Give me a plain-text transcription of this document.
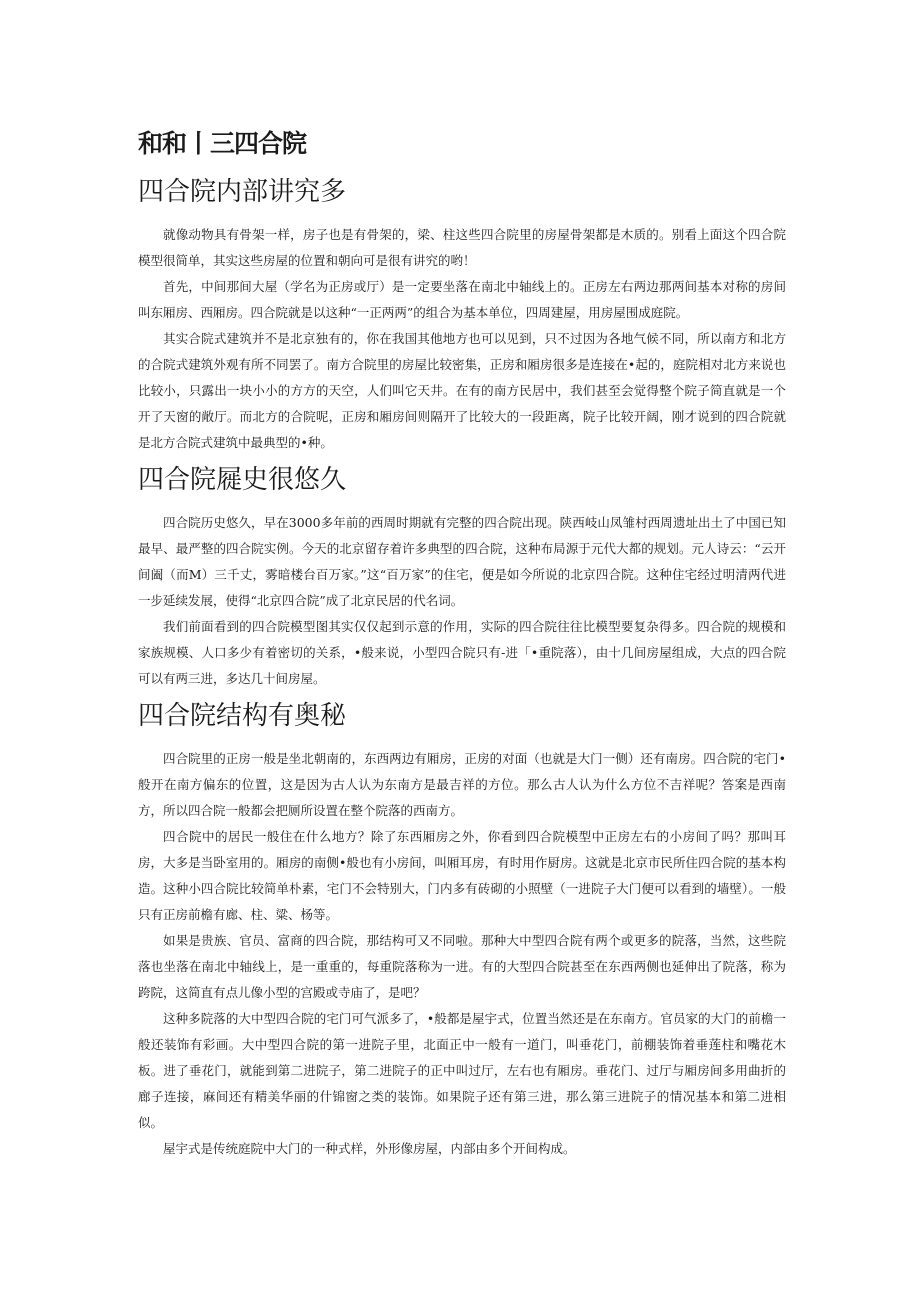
和和丨三四合院
四合院内部讲究多

就像动物具有骨架一样，房子也是有骨架的，梁、柱这些四合院里的房屋骨架都是木质的。别看上面这个四合院模型很简单，其实这些房屋的位置和朝向可是很有讲究的哟！

首先，中间那间大屋（学名为正房或厅）是一定要坐落在南北中轴线上的。正房左右两边那两间基本对称的房间叫东厢房、西厢房。四合院就是以这种“一正两两”的组合为基本单位，四周建屋，用房屋围成庭院。

其实合院式建筑并不是北京独有的，你在我国其他地方也可以见到，只不过因为各地气候不同，所以南方和北方的合院式建筑外观有所不同罢了。南方合院里的房屋比较密集，正房和厢房很多是连接在•起的，庭院相对北方来说也比较小，只露出一块小小的方方的天空，人们叫它天井。在有的南方民居中，我们甚至会觉得整个院子简直就是一个开了天窗的敞厅。而北方的合院呢，正房和厢房间则隔开了比较大的一段距离，院子比较开阔，刚才说到的四合院就是北方合院式建筑中最典型的•种。

四合院屣史很悠久

四合院历史悠久，早在3000多年前的西周时期就有完整的四合院出现。陕西岐山凤雏村西周遗址出土了中国已知最早、最严整的四合院实例。今天的北京留存着许多典型的四合院，这种布局源于元代大都的规划。元人诗云：“云开间阖（而M）三千丈，雾暗楼台百万家。”这“百万家”的住宅，便是如今所说的北京四合院。这种住宅经过明清两代进一步延续发展，使得“北京四合院”成了北京民居的代名词。

我们前面看到的四合院模型图其实仅仅起到示意的作用，实际的四合院往往比模型要复杂得多。四合院的规模和家族规模、人口多少有着密切的关系，•般来说，小型四合院只有-进「•重院落），由十几间房屋组成，大点的四合院可以有两三进，多达几十间房屋。

四合院结构有奥秘

四合院里的正房一般是坐北朝南的，东西两边有厢房，正房的对面（也就是大门一侧）还有南房。四合院的宅门•般开在南方偏东的位置，这是因为古人认为东南方是最吉祥的方位。那么古人认为什么方位不吉祥呢？答案是西南方，所以四合院一般都会把厕所设置在整个院落的西南方。

四合院中的居民一般住在什么地方？除了东西厢房之外，你看到四合院模型中正房左右的小房间了吗？那叫耳房，大多是当卧室用的。厢房的南侧•般也有小房间，叫厢耳房，有时用作厨房。这就是北京市民所住四合院的基本构造。这种小四合院比较简单朴素，宅门不会特别大，门内多有砖砌的小照壁（一进院子大门便可以看到的墙壁）。一般只有正房前檐有廊、柱、粱、杨等。

如果是贵族、官员、富商的四合院，那结构可又不同啦。那种大中型四合院有两个或更多的院落，当然，这些院落也坐落在南北中轴线上，是一重重的，每重院落称为一进。有的大型四合院甚至在东西两侧也延伸出了院落，称为跨院，这简直有点儿像小型的宫殿或寺庙了，是吧？

这种多院落的大中型四合院的宅门可气派多了，•般都是屋宇式，位置当然还是在东南方。官员家的大门的前檐一般还装饰有彩画。大中型四合院的第一进院子里，北面正中一般有一道门，叫垂花门，前棚装饰着垂莲柱和嘴花木板。进了垂花门，就能到第二进院子，第二进院子的正中叫过厅，左右也有厢房。垂花门、过厅与厢房间多用曲折的廊子连接，麻间还有精美华丽的什锦窗之类的装饰。如果院子还有第三进，那么第三进院子的情况基本和第二进相似。

屋宇式是传统庭院中大门的一种式样，外形像房屋，内部由多个开间构成。
